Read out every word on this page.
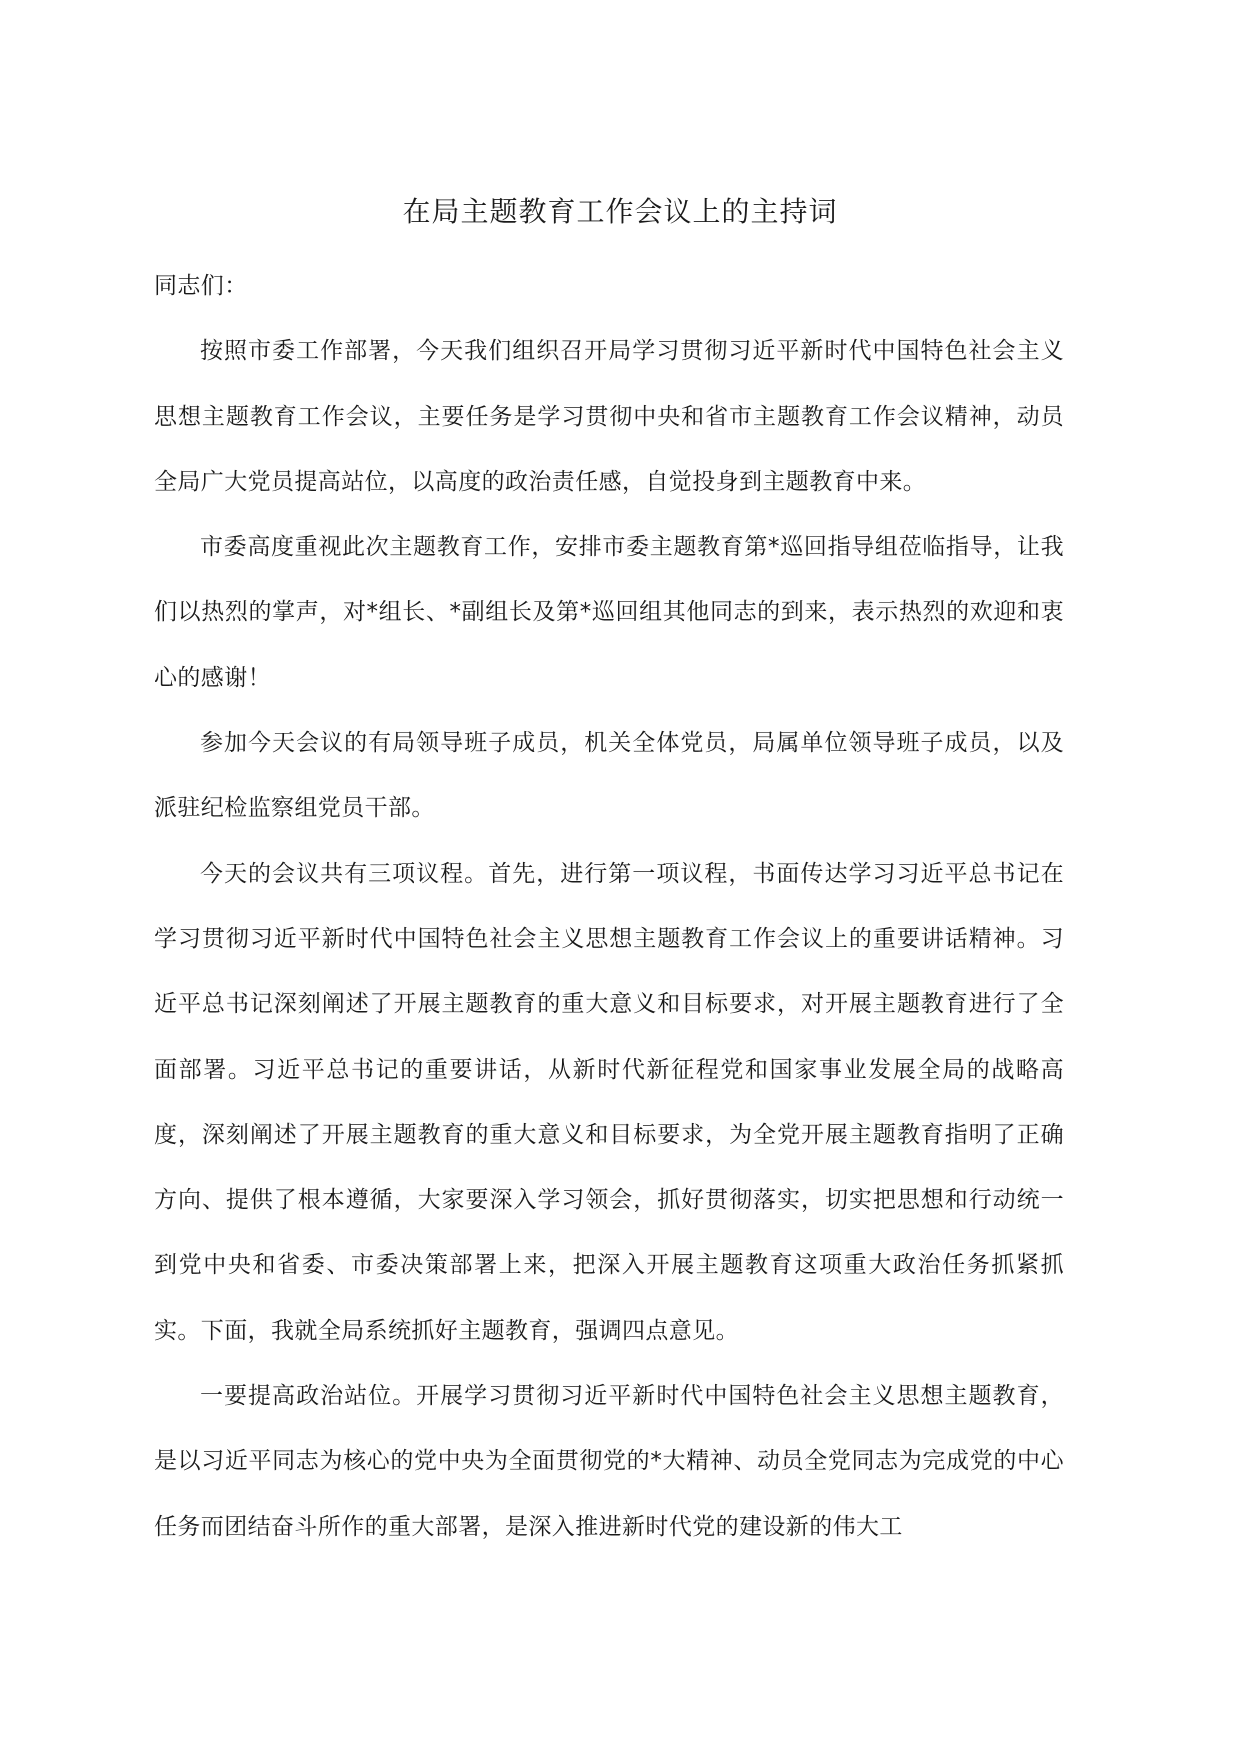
在局主题教育工作会议上的主持词

同志们：

按照市委工作部署，今天我们组织召开局学习贯彻习近平新时代中国特色社会主义思想主题教育工作会议，主要任务是学习贯彻中央和省市主题教育工作会议精神，动员全局广大党员提高站位，以高度的政治责任感，自觉投身到主题教育中来。

市委高度重视此次主题教育工作，安排市委主题教育第*巡回指导组莅临指导，让我们以热烈的掌声，对*组长、*副组长及第*巡回组其他同志的到来，表示热烈的欢迎和衷心的感谢！

参加今天会议的有局领导班子成员，机关全体党员，局属单位领导班子成员，以及派驻纪检监察组党员干部。

今天的会议共有三项议程。首先，进行第一项议程，书面传达学习习近平总书记在学习贯彻习近平新时代中国特色社会主义思想主题教育工作会议上的重要讲话精神。习近平总书记深刻阐述了开展主题教育的重大意义和目标要求，对开展主题教育进行了全面部署。习近平总书记的重要讲话，从新时代新征程党和国家事业发展全局的战略高度，深刻阐述了开展主题教育的重大意义和目标要求，为全党开展主题教育指明了正确方向、提供了根本遵循，大家要深入学习领会，抓好贯彻落实，切实把思想和行动统一到党中央和省委、市委决策部署上来，把深入开展主题教育这项重大政治任务抓紧抓实。下面，我就全局系统抓好主题教育，强调四点意见。

一要提高政治站位。开展学习贯彻习近平新时代中国特色社会主义思想主题教育，是以习近平同志为核心的党中央为全面贯彻党的*大精神、动员全党同志为完成党的中心任务而团结奋斗所作的重大部署，是深入推进新时代党的建设新的伟大工
